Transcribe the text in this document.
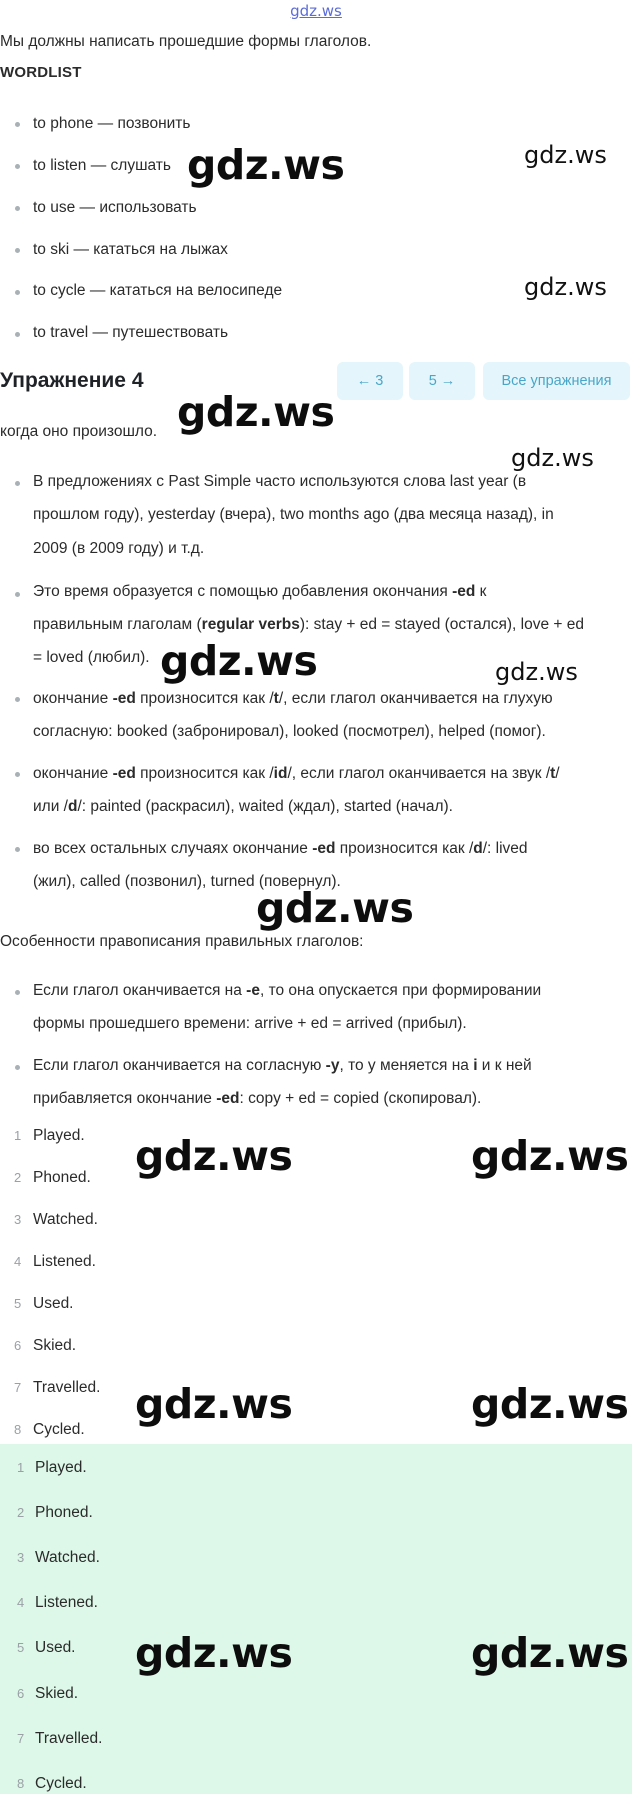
gdz.ws
Мы должны написать прошедшие формы глаголов.
WORDLIST
to phone — позвонить
to listen — слушать
to use — использовать
to ski — кататься на лыжах
to cycle — кататься на велосипеде
to travel — путешествовать
Упражнение 4	← 3	5 →	Все упражнения
когда оно произошло.
В предложениях с Past Simple часто используются слова last year (в
прошлом году), yesterday (вчера), two months ago (два месяца назад), in
2009 (в 2009 году) и т.д.
Это время образуется с помощью добавления окончания -ed к
правильным глаголам (regular verbs): stay + ed = stayed (остался), love + ed
= loved (любил).
окончание -ed произносится как /t/, если глагол оканчивается на глухую
согласную: booked (забронировал), looked (посмотрел), helped (помог).
окончание -ed произносится как /id/, если глагол оканчивается на звук /t/
или /d/: painted (раскрасил), waited (ждал), started (начал).
во всех остальных случаях окончание -ed произносится как /d/: lived
(жил), called (позвонил), turned (повернул).
Особенности правописания правильных глаголов:
Если глагол оканчивается на -e, то она опускается при формировании
формы прошедшего времени: arrive + ed = arrived (прибыл).
Если глагол оканчивается на согласную -y, то у меняется на i и к ней
прибавляется окончание -ed: copy + ed = copied (скопировал).
1 Played.
2 Phoned.
3 Watched.
4 Listened.
5 Used.
6 Skied.
7 Travelled.
8 Cycled.
1 Played.
2 Phoned.
3 Watched.
4 Listened.
5 Used.
6 Skied.
7 Travelled.
8 Cycled.
gdz.ws	gdz.ws
gdz.ws
gdz.ws
gdz.ws
gdz.ws	gdz.ws
gdz.ws
gdz.ws	gdz.ws
gdz.ws	gdz.ws
gdz.ws	gdz.ws
